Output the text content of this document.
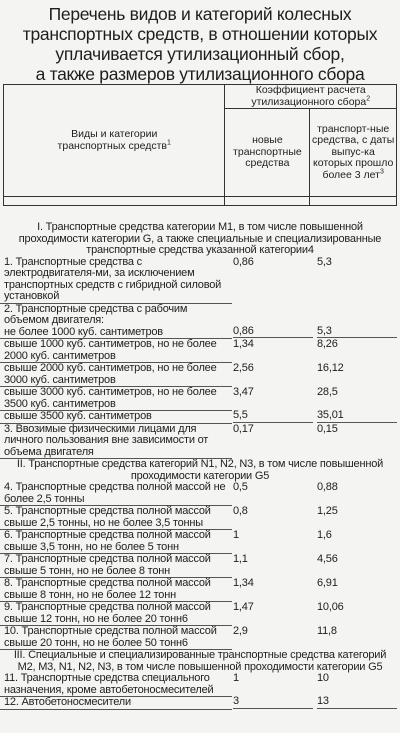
Перечень видов и категорий колесных
транспортных средств, в отношении которых
уплачивается утилизационный сбор,
а также размеров утилизационного сбора
Виды и категории
транспортных средств$^1$	Коэффициент расчета
утилизационного сбора$^2$
	новые транспортные средства	транспорт-ные средства, с даты выпус-ка которых прошло более 3 лет$^3$

I. Транспортные средства категории M1, в том числе повышенной проходимости категории G, а также специальные и специализированные транспортные средства указанной категории4
1. Транспортные средства с электродвигателя-ми, за исключением транспортных средств с гибридной силовой установкой
0,86	5,3
2. Транспортные средства с рабочим объемом двигателя:
не более 1000 куб. сантиметров	0,86	5,3
свыше 1000 куб. сантиметров, но не более 2000 куб. сантиметров
1,34	8,26
свыше 2000 куб. сантиметров, но не более 3000 куб. сантиметров
2,56	16,12
свыше 3000 куб. сантиметров, но не более 3500 куб. сантиметров
3,47	28,5
свыше 3500 куб. сантиметров	5,5	35,01
3. Ввозимые физическими лицами для личного пользования вне зависимости от объема двигателя
0,17	0,15
II. Транспортные средства категорий N1, N2, N3, в том числе повышенной проходимости категории G5
4. Транспортные средства полной массой не более 2,5 тонны
0,5	0,88
5. Транспортные средства полной массой свыше 2,5 тонны, но не более 3,5 тонны
0,8	1,25
6. Транспортные средства полной массой свыше 3,5 тонн, но не более 5 тонн
1	1,6
7. Транспортные средства полной массой свыше 5 тонн, но не более 8 тонн
1,1	4,56
8. Транспортные средства полной массой свыше 8 тонн, но не более 12 тонн
1,34	6,91
9. Транспортные средства полной массой свыше 12 тонн, но не более 20 тонн6
1,47	10,06
10. Транспортные средства полной массой свыше 20 тонн, но не более 50 тонн6
2,9	11,8
III. Специальные и специализированные транспортные средства категорий M2, M3, N1, N2, N3, в том числе повышенной проходимости категории G5
11. Транспортные средства специального назначения, кроме автобетоносмесителей
1	10
12. Автобетоносмесители	3	13
